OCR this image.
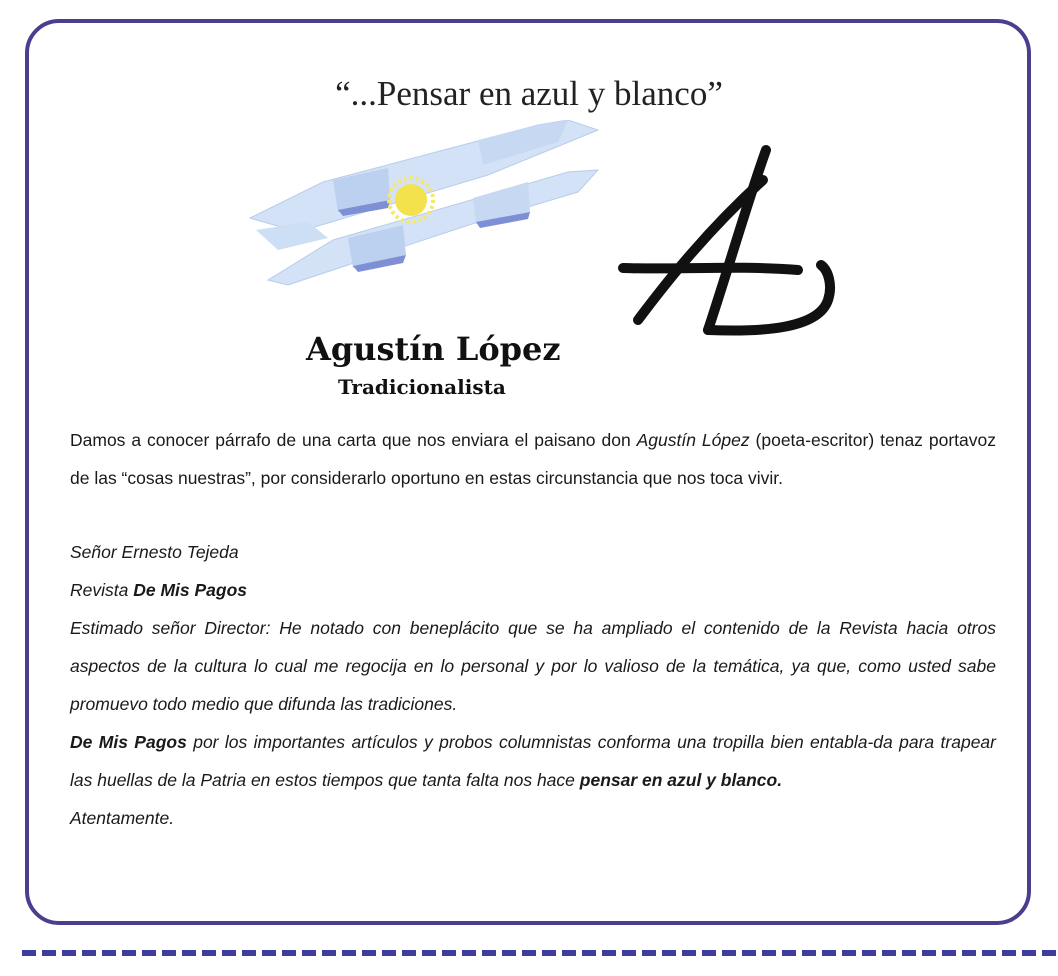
“...Pensar en azul y blanco”
Agustín López
Tradicionalista
Damos a conocer párrafo de una carta que nos enviara el paisano don Agustín López (poeta-escritor) tenaz portavoz de las “cosas nuestras”, por considerarlo oportuno en estas circunstancia que nos toca vivir.
Señor Ernesto Tejeda
Revista De Mis Pagos
Estimado señor Director: He notado con beneplácito que se ha ampliado el contenido de la Revista hacia otros aspectos de la cultura lo cual me regocija en lo personal y por lo valioso de la temática, ya que, como usted sabe promuevo todo medio que difunda las tradiciones.
De Mis Pagos por los importantes artículos y probos columnistas conforma una tropilla bien entabla-da para trapear las huellas de la Patria en estos tiempos que tanta falta nos hace pensar en azul y blanco.
Atentamente.
